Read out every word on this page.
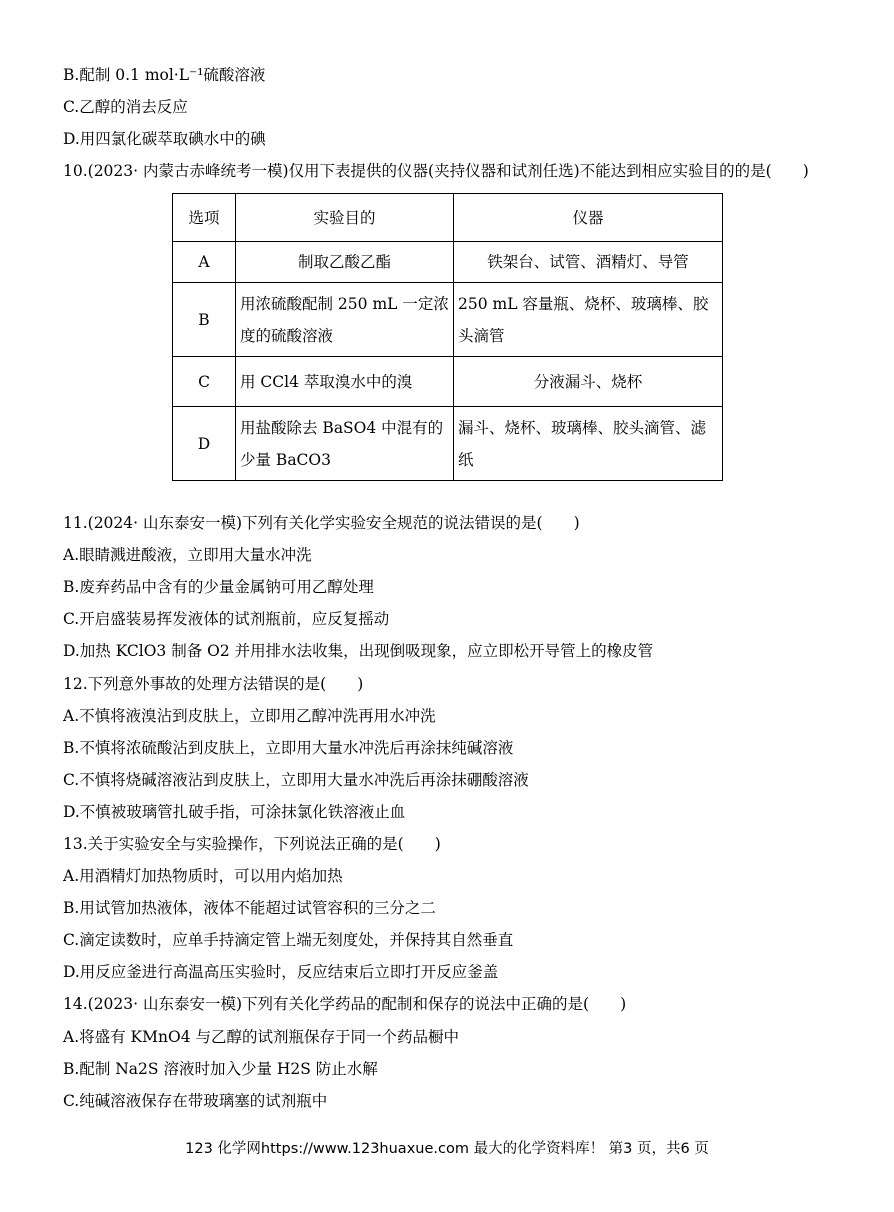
B.配制 0.1 mol·L⁻¹硫酸溶液
C.乙醇的消去反应
D.用四氯化碳萃取碘水中的碘
10.(2023· 内蒙古赤峰统考一模)仅用下表提供的仪器(夹持仪器和试剂任选)不能达到相应实验目的的是(　　)
选项	实验目的	仪器
A	制取乙酸乙酯	铁架台、试管、酒精灯、导管
B	用浓硫酸配制 250 mL 一定浓度的硫酸溶液	250 mL 容量瓶、烧杯、玻璃棒、胶头滴管
C	用 CCl4 萃取溴水中的溴	分液漏斗、烧杯
D	用盐酸除去 BaSO4 中混有的少量 BaCO3	漏斗、烧杯、玻璃棒、胶头滴管、滤纸
11.(2024· 山东泰安一模)下列有关化学实验安全规范的说法错误的是(　　)
A.眼睛溅进酸液，立即用大量水冲洗
B.废弃药品中含有的少量金属钠可用乙醇处理
C.开启盛装易挥发液体的试剂瓶前，应反复摇动
D.加热 KClO3 制备 O2 并用排水法收集，出现倒吸现象，应立即松开导管上的橡皮管
12.下列意外事故的处理方法错误的是(　　)
A.不慎将液溴沾到皮肤上，立即用乙醇冲洗再用水冲洗
B.不慎将浓硫酸沾到皮肤上，立即用大量水冲洗后再涂抹纯碱溶液
C.不慎将烧碱溶液沾到皮肤上，立即用大量水冲洗后再涂抹硼酸溶液
D.不慎被玻璃管扎破手指，可涂抹氯化铁溶液止血
13.关于实验安全与实验操作，下列说法正确的是(　　)
A.用酒精灯加热物质时，可以用内焰加热
B.用试管加热液体，液体不能超过试管容积的三分之二
C.滴定读数时，应单手持滴定管上端无刻度处，并保持其自然垂直
D.用反应釜进行高温高压实验时，反应结束后立即打开反应釜盖
14.(2023· 山东泰安一模)下列有关化学药品的配制和保存的说法中正确的是(　　)
A.将盛有 KMnO4 与乙醇的试剂瓶保存于同一个药品橱中
B.配制 Na2S 溶液时加入少量 H2S 防止水解
C.纯碱溶液保存在带玻璃塞的试剂瓶中
123 化学网https://www.123huaxue.com 最大的化学资料库！ 第3 页，共6 页
